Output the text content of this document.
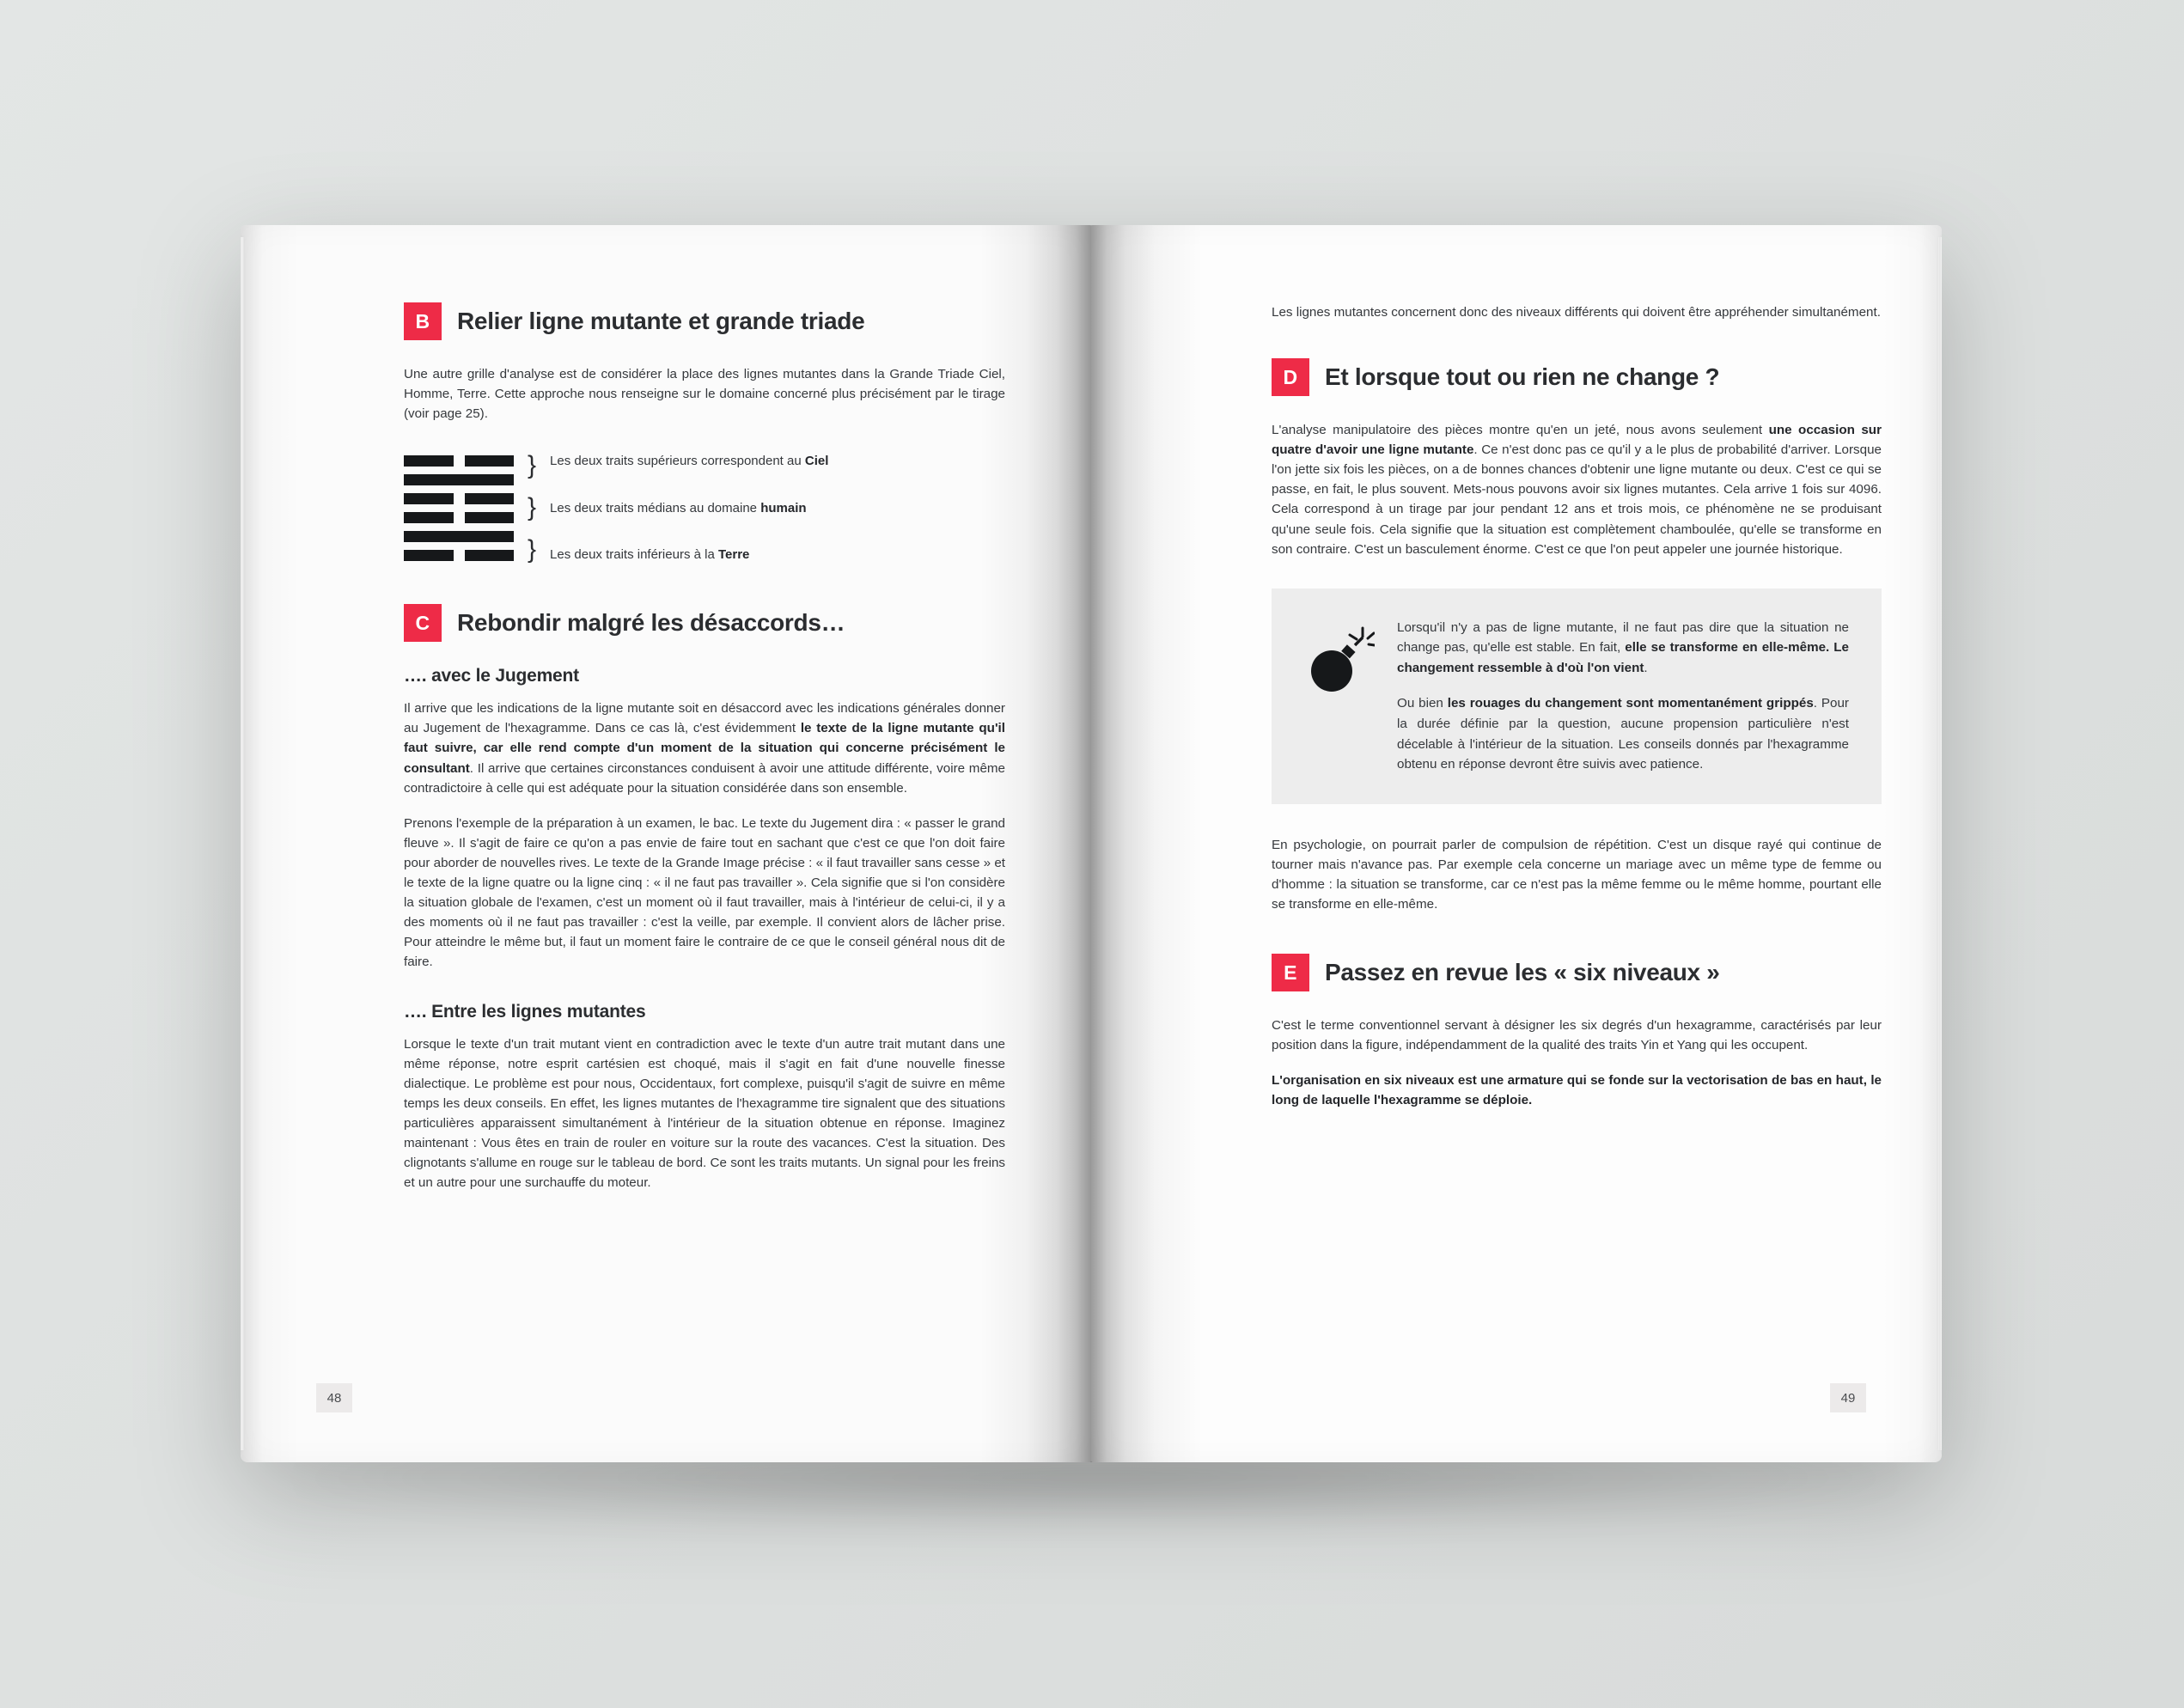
B	Relier ligne mutante et grande triade

Une autre grille d'analyse est de considérer la place des lignes mutantes dans la Grande Triade Ciel, Homme, Terre. Cette approche nous renseigne sur le domaine concerné plus précisément par le tirage (voir page 25).

}
}
}
Les deux traits supérieurs correspondent au Ciel
Les deux traits médians au domaine humain
Les deux traits inférieurs à la Terre
C	Rebondir malgré les désaccords…
…. avec le Jugement

Il arrive que les indications de la ligne mutante soit en désaccord avec les indications générales donner au Jugement de l'hexagramme. Dans ce cas là, c'est évidemment le texte de la ligne mutante qu'il faut suivre, car elle rend compte d'un moment de la situation qui concerne précisément le consultant. Il arrive que certaines circonstances conduisent à avoir une attitude différente, voire même contradictoire à celle qui est adéquate pour la situation considérée dans son ensemble.

Prenons l'exemple de la préparation à un examen, le bac. Le texte du Jugement dira : « passer le grand fleuve ». Il s'agit de faire ce qu'on a pas envie de faire tout en sachant que c'est ce que l'on doit faire pour aborder de nouvelles rives. Le texte de la Grande Image précise : « il faut travailler sans cesse » et le texte de la ligne quatre ou la ligne cinq : « il ne faut pas travailler ». Cela signifie que si l'on considère la situation globale de l'examen, c'est un moment où il faut travailler, mais à l'intérieur de celui-ci, il y a des moments où il ne faut pas travailler : c'est la veille, par exemple. Il convient alors de lâcher prise. Pour atteindre le même but, il faut un moment faire le contraire de ce que le conseil général nous dit de faire.

…. Entre les lignes mutantes

Lorsque le texte d'un trait mutant vient en contradiction avec le texte d'un autre trait mutant dans une même réponse, notre esprit cartésien est choqué, mais il s'agit en fait d'une nouvelle finesse dialectique. Le problème est pour nous, Occidentaux, fort complexe, puisqu'il s'agit de suivre en même temps les deux conseils. En effet, les lignes mutantes de l'hexagramme tire signalent que des situations particulières apparaissent simultanément à l'intérieur de la situation obtenue en réponse. Imaginez maintenant : Vous êtes en train de rouler en voiture sur la route des vacances. C'est la situation. Des clignotants s'allume en rouge sur le tableau de bord. Ce sont les traits mutants. Un signal pour les freins et un autre pour une surchauffe du moteur.

48

Les lignes mutantes concernent donc des niveaux différents qui doivent être appréhender simultanément.

D	Et lorsque tout ou rien ne change ?

L'analyse manipulatoire des pièces montre qu'en un jeté, nous avons seulement une occasion sur quatre d'avoir une ligne mutante. Ce n'est donc pas ce qu'il y a le plus de probabilité d'arriver. Lorsque l'on jette six fois les pièces, on a de bonnes chances d'obtenir une ligne mutante ou deux. C'est ce qui se passe, en fait, le plus souvent. Mets-nous pouvons avoir six lignes mutantes. Cela arrive 1 fois sur 4096. Cela correspond à un tirage par jour pendant 12 ans et trois mois, ce phénomène ne se produisant qu'une seule fois. Cela signifie que la situation est complètement chamboulée, qu'elle se transforme en son contraire. C'est un basculement énorme. C'est ce que l'on peut appeler une journée historique.

Lorsqu'il n'y a pas de ligne mutante, il ne faut pas dire que la situation ne change pas, qu'elle est stable. En fait, elle se transforme en elle-même. Le changement ressemble à d'où l'on vient.

Ou bien les rouages du changement sont momentanément grippés. Pour la durée définie par la question, aucune propension particulière n'est décelable à l'intérieur de la situation. Les conseils donnés par l'hexagramme obtenu en réponse devront être suivis avec patience.

En psychologie, on pourrait parler de compulsion de répétition. C'est un disque rayé qui continue de tourner mais n'avance pas. Par exemple cela concerne un mariage avec un même type de femme ou d'homme : la situation se transforme, car ce n'est pas la même femme ou le même homme, pourtant elle se transforme en elle-même.

E	Passez en revue les « six niveaux »

C'est le terme conventionnel servant à désigner les six degrés d'un hexagramme, caractérisés par leur position dans la figure, indépendamment de la qualité des traits Yin et Yang qui les occupent.

L'organisation en six niveaux est une armature qui se fonde sur la vectorisation de bas en haut, le long de laquelle l'hexagramme se déploie.

49
